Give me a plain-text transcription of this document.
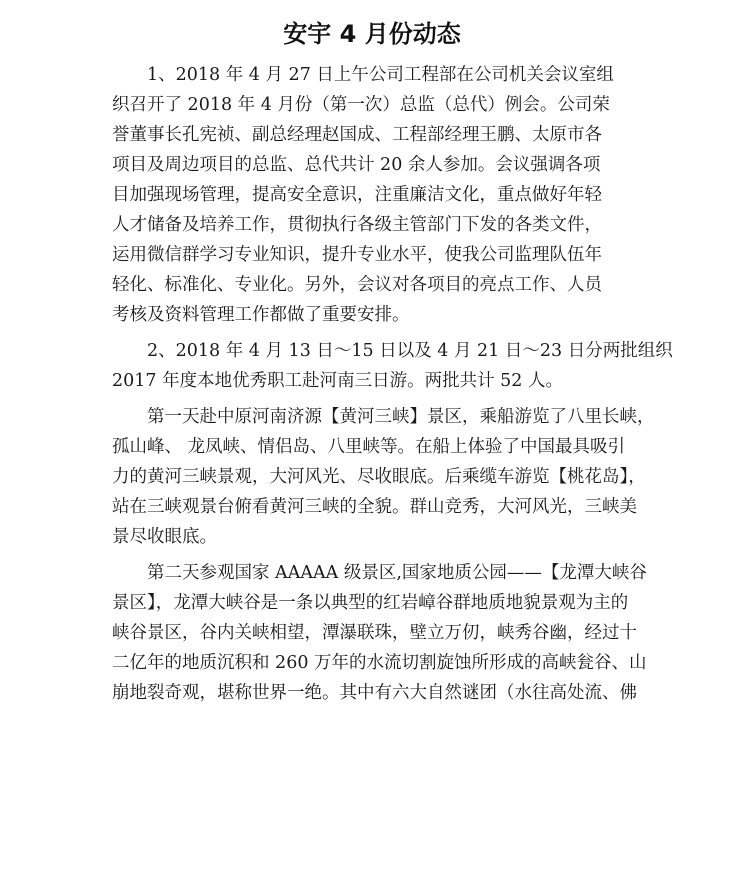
安宇 4 月份动态

1、2018 年 4 月 27 日上午公司工程部在公司机关会议室组
织召开了 2018 年 4 月份（第一次）总监（总代）例会。公司荣
誉董事长孔宪祯、副总经理赵国成、工程部经理王鹏、太原市各
项目及周边项目的总监、总代共计 20 余人参加。会议强调各项
目加强现场管理，提高安全意识，注重廉洁文化，重点做好年轻
人才储备及培养工作，贯彻执行各级主管部门下发的各类文件，
运用微信群学习专业知识，提升专业水平，使我公司监理队伍年
轻化、标准化、专业化。另外，会议对各项目的亮点工作、人员
考核及资料管理工作都做了重要安排。

2、2018 年 4 月 13 日～15 日以及 4 月 21 日～23 日分两批组织
2017 年度本地优秀职工赴河南三日游。两批共计 52 人。

第一天赴中原河南济源【黄河三峡】景区，乘船游览了八里长峡，
孤山峰、 龙凤峡、情侣岛、八里峡等。在船上体验了中国最具吸引
力的黄河三峡景观，大河风光、尽收眼底。后乘缆车游览【桃花岛】，
站在三峡观景台俯看黄河三峡的全貌。群山竞秀，大河风光，三峡美
景尽收眼底。

第二天参观国家 AAAAA 级景区,国家地质公园——【龙潭大峡谷
景区】，龙潭大峡谷是一条以典型的红岩嶂谷群地质地貌景观为主的
峡谷景区，谷内关峡相望，潭瀑联珠，壁立万仞，峡秀谷幽，经过十
二亿年的地质沉积和 260 万年的水流切割旋蚀所形成的高峡瓮谷、山
崩地裂奇观，堪称世界一绝。其中有六大自然谜团（水往高处流、佛
